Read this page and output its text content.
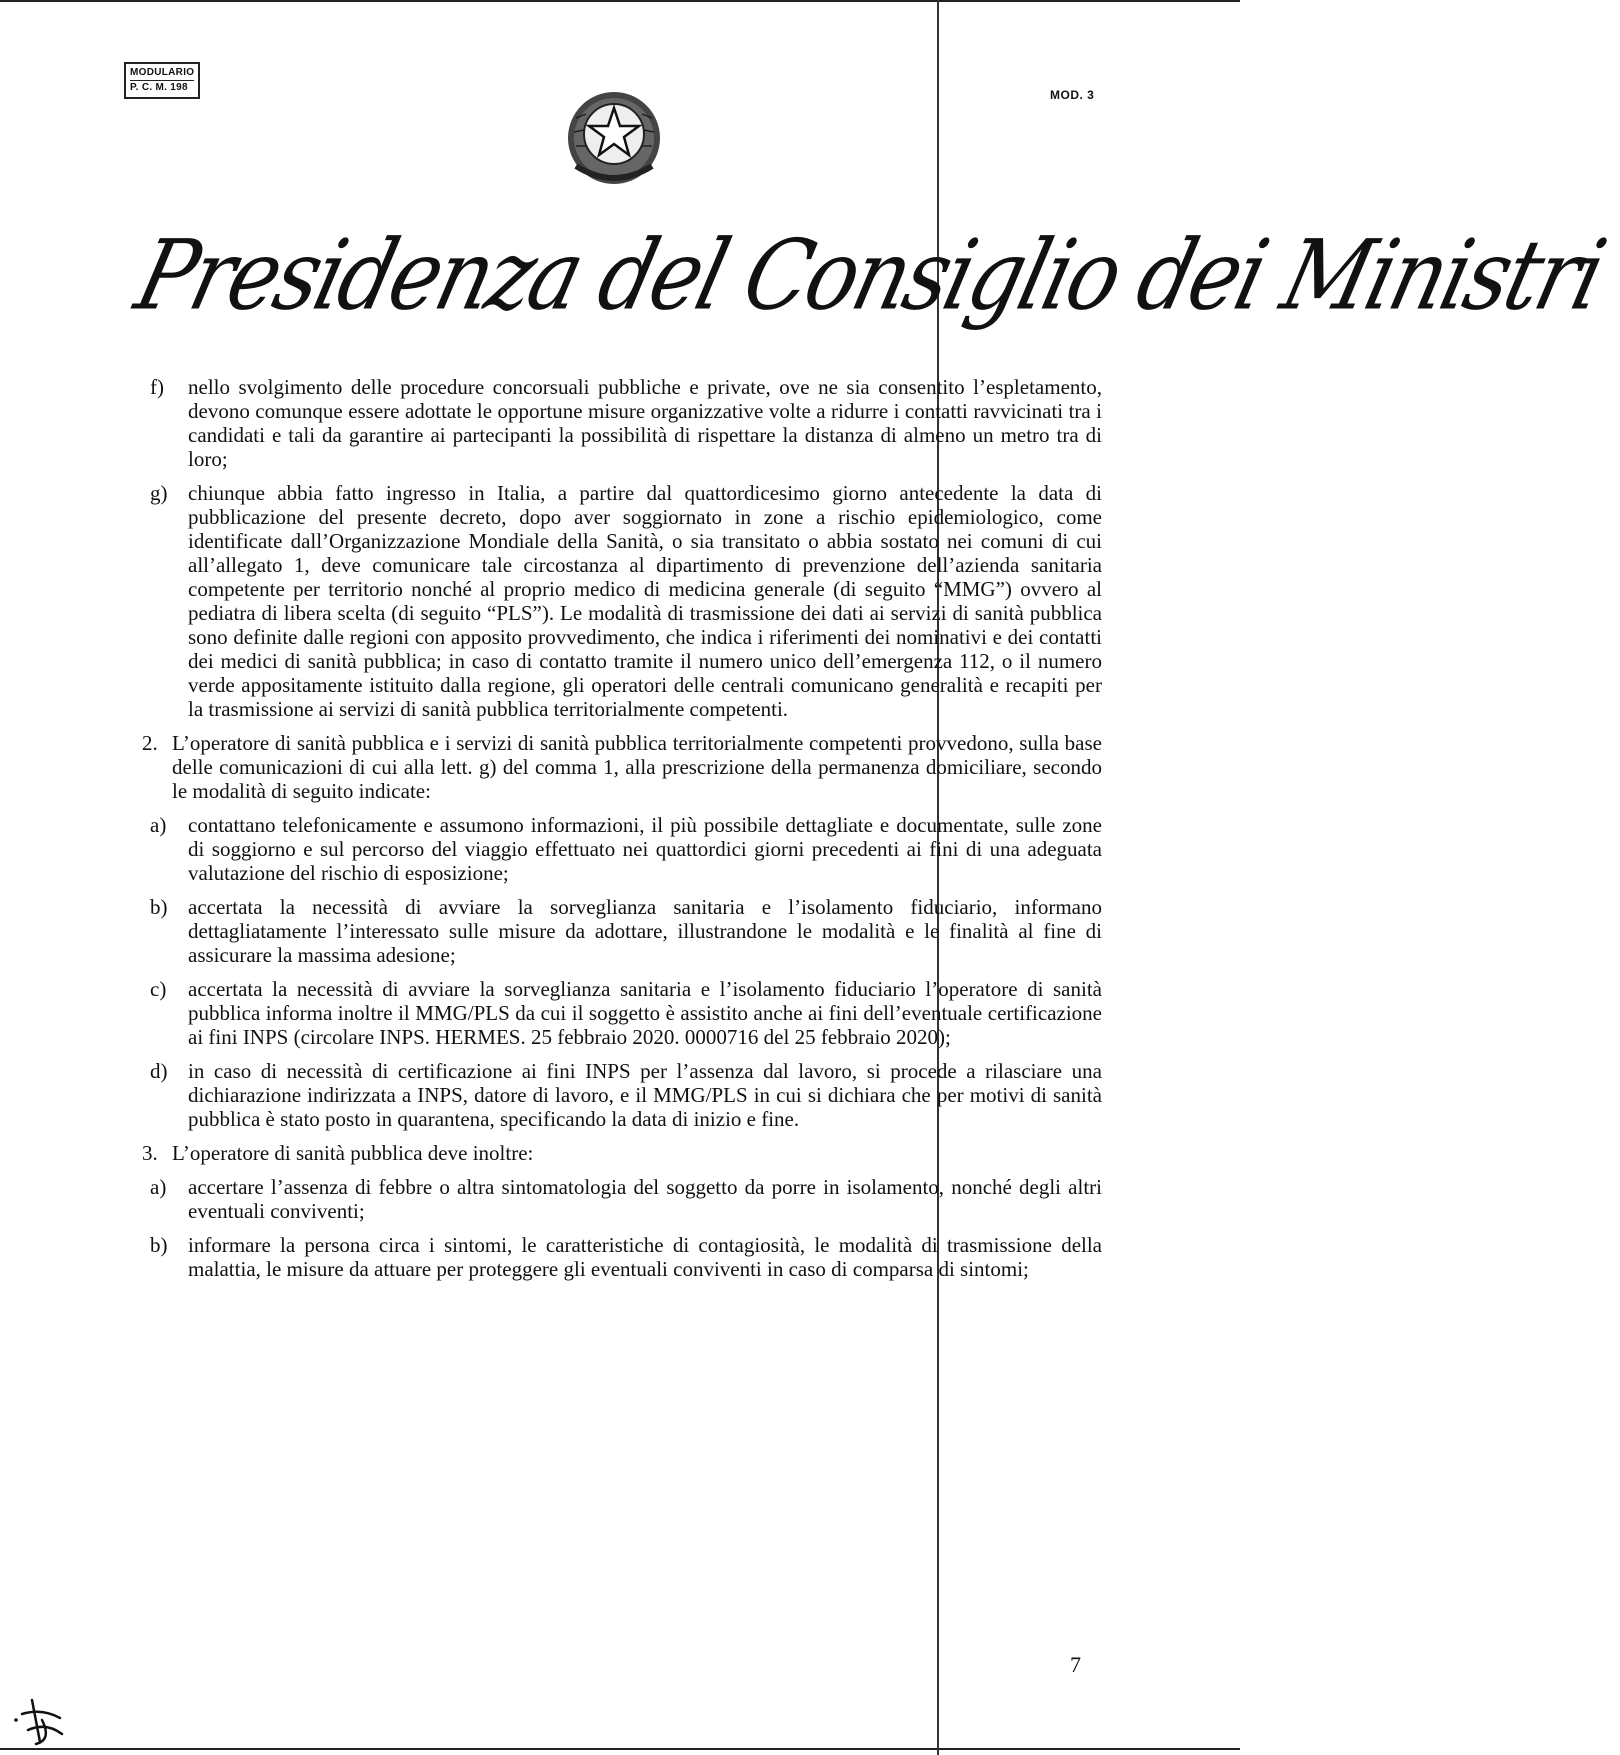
MODULARIO
P. C. M. 198
MOD. 3
Presidenza del Consiglio dei Ministri
f) nello svolgimento delle procedure concorsuali pubbliche e private, ove ne sia consentito l’espletamento, devono comunque essere adottate le opportune misure organizzative volte a ridurre i contatti ravvicinati tra i candidati e tali da garantire ai partecipanti la possibilità di rispettare la distanza di almeno un metro tra di loro;
g) chiunque abbia fatto ingresso in Italia, a partire dal quattordicesimo giorno antecedente la data di pubblicazione del presente decreto, dopo aver soggiornato in zone a rischio epidemiologico, come identificate dall’Organizzazione Mondiale della Sanità, o sia transitato o abbia sostato nei comuni di cui all’allegato 1, deve comunicare tale circostanza al dipartimento di prevenzione dell’azienda sanitaria competente per territorio nonché al proprio medico di medicina generale (di seguito “MMG”) ovvero al pediatra di libera scelta (di seguito “PLS”). Le modalità di trasmissione dei dati ai servizi di sanità pubblica sono definite dalle regioni con apposito provvedimento, che indica i riferimenti dei nominativi e dei contatti dei medici di sanità pubblica; in caso di contatto tramite il numero unico dell’emergenza 112, o il numero verde appositamente istituito dalla regione, gli operatori delle centrali comunicano generalità e recapiti per la trasmissione ai servizi di sanità pubblica territorialmente competenti.
2. L’operatore di sanità pubblica e i servizi di sanità pubblica territorialmente competenti provvedono, sulla base delle comunicazioni di cui alla lett. g) del comma 1, alla prescrizione della permanenza domiciliare, secondo le modalità di seguito indicate:
a) contattano telefonicamente e assumono informazioni, il più possibile dettagliate e documentate, sulle zone di soggiorno e sul percorso del viaggio effettuato nei quattordici giorni precedenti ai fini di una adeguata valutazione del rischio di esposizione;
b) accertata la necessità di avviare la sorveglianza sanitaria e l’isolamento fiduciario, informano dettagliatamente l’interessato sulle misure da adottare, illustrandone le modalità e le finalità al fine di assicurare la massima adesione;
c) accertata la necessità di avviare la sorveglianza sanitaria e l’isolamento fiduciario l’operatore di sanità pubblica informa inoltre il MMG/PLS da cui il soggetto è assistito anche ai fini dell’eventuale certificazione ai fini INPS (circolare INPS. HERMES. 25 febbraio 2020. 0000716 del 25 febbraio 2020);
d) in caso di necessità di certificazione ai fini INPS per l’assenza dal lavoro, si procede a rilasciare una dichiarazione indirizzata a INPS, datore di lavoro, e il MMG/PLS in cui si dichiara che per motivi di sanità pubblica è stato posto in quarantena, specificando la data di inizio e fine.
3. L’operatore di sanità pubblica deve inoltre:
a) accertare l’assenza di febbre o altra sintomatologia del soggetto da porre in isolamento, nonché degli altri eventuali conviventi;
b) informare la persona circa i sintomi, le caratteristiche di contagiosità, le modalità di trasmissione della malattia, le misure da attuare per proteggere gli eventuali conviventi in caso di comparsa di sintomi;
7
